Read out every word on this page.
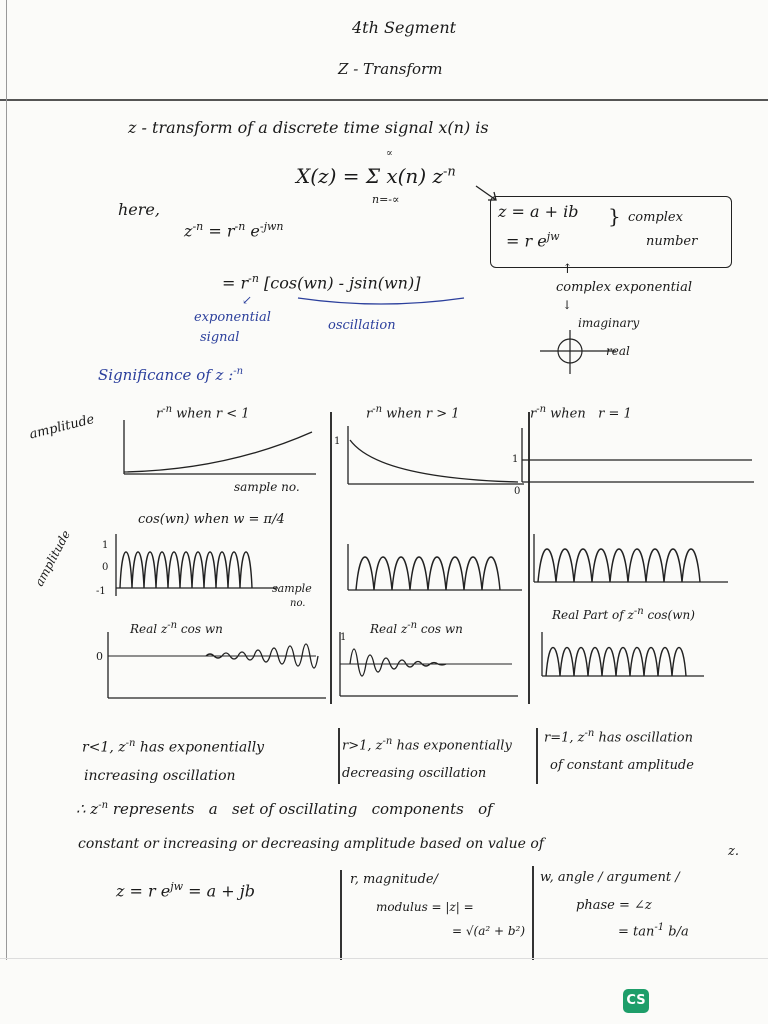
4th Segment
Z - Transform
z - transform of a discrete time signal x(n) is
X(z) = Σ x(n) $z^{-n}$
∝
n=-∝
here,
$z^{-n} = r^{-n}$ $e^{-jwn}$
= $r^{-n}$ [cos(wn) - jsin(wn)]
↙
exponential
signal
oscillation
z = a + ib
= r $e^{jw}$
} complex
number
↑
complex exponential
↓
imaginary
real
Significance of z :$^{-n}$
amplitude	$r^{-n}$ when r < 1	$r^{-n}$ when r > 1	$r^{-n}$ when   r = 1
sample no.
1
1
0
cos(wn) when w = π/4
amplitude	1
0
-1	sample
no.
Real $z^{-n}$ cos wn	Real $z^{-n}$ cos wn
Real Part of $z^{-n}$ cos(wn)
0
1
r<1, $z^{-n}$ has exponentially
increasing oscillation
r>1, $z^{-n}$ has exponentially
decreasing oscillation
r=1, $z^{-n}$ has oscillation
of constant amplitude
∴ $z^{-n}$ represents   a   set of oscillating   components   of
constant or increasing or decreasing amplitude based on value of	z.
z = r $e^{jw} = a$ + jb
r, magnitude/
modulus = |z| =
= √(a² + b²)
w, angle / argument /
phase = ∠z
= $\tan^{-1} b/a$
CS
